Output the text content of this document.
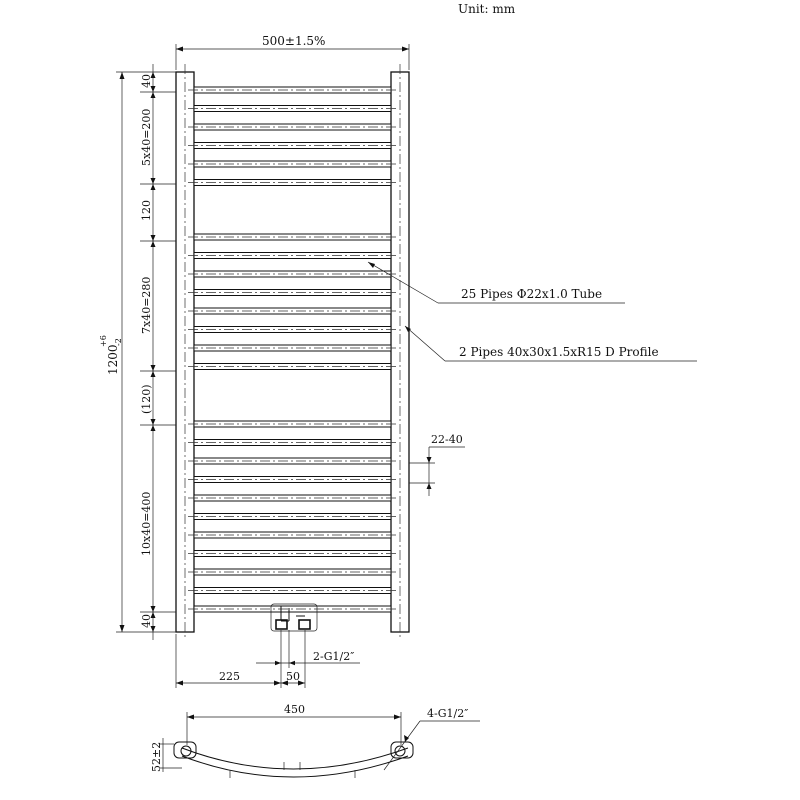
Unit: mm
500±1.5%
1200
+6 -2
40
5x40=200
120
7x40=280
(120)
10x40=400
40
225	50
2-G1/2″
25 Pipes Φ22x1.0 Tube
2 Pipes 40x30x1.5xR15 D Profile
22-40
450
52±2
4-G1/2″
